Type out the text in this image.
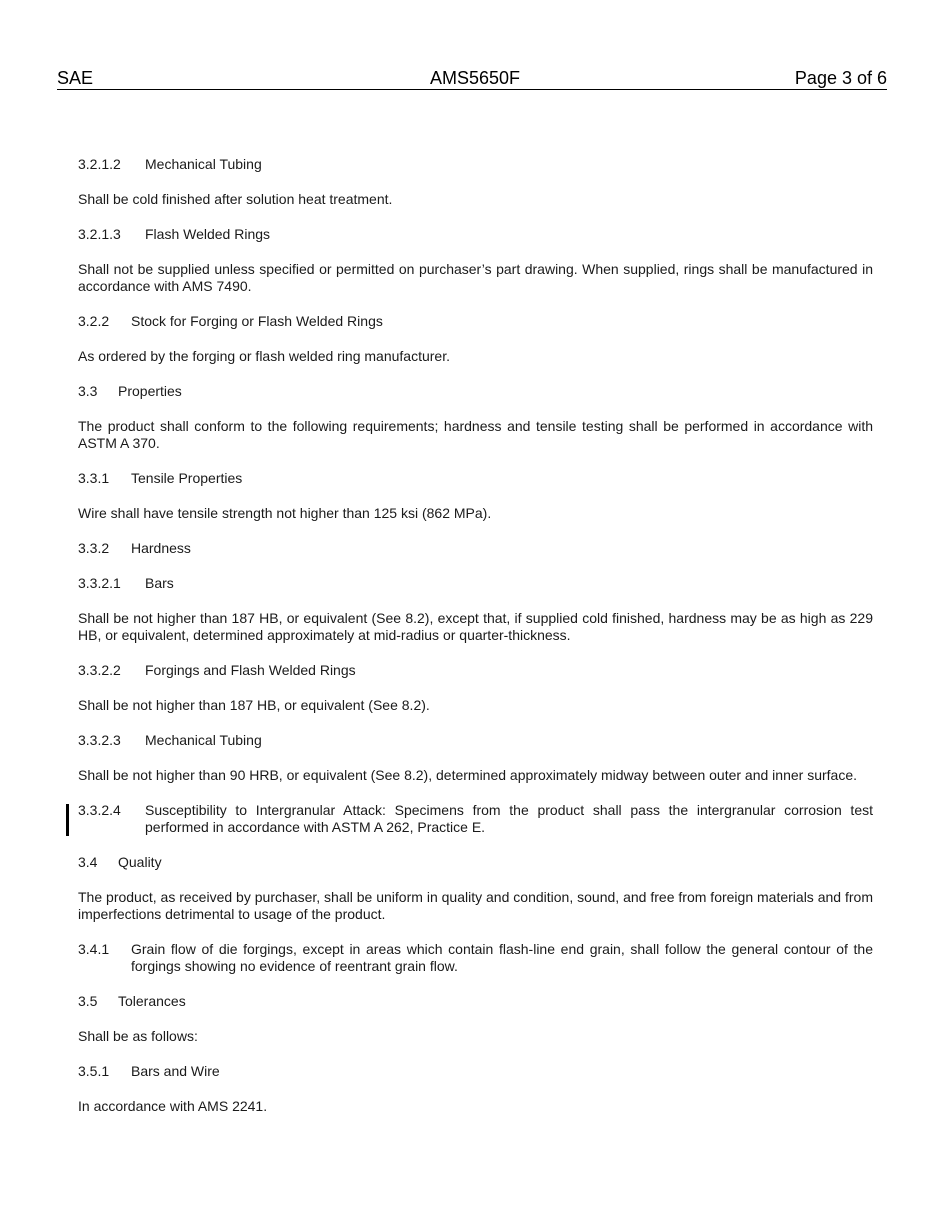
SAE	AMS5650F	Page 3 of 6
3.2.1.2 Mechanical Tubing
Shall be cold finished after solution heat treatment.
3.2.1.3 Flash Welded Rings
Shall not be supplied unless specified or permitted on purchaser’s part drawing. When supplied, rings shall be manufactured in accordance with AMS 7490.
3.2.2 Stock for Forging or Flash Welded Rings
As ordered by the forging or flash welded ring manufacturer.
3.3 Properties
The product shall conform to the following requirements; hardness and tensile testing shall be performed in accordance with ASTM A 370.
3.3.1 Tensile Properties
Wire shall have tensile strength not higher than 125 ksi (862 MPa).
3.3.2 Hardness
3.3.2.1 Bars
Shall be not higher than 187 HB, or equivalent (See 8.2), except that, if supplied cold finished, hardness may be as high as 229 HB, or equivalent, determined approximately at mid-radius or quarter-thickness.
3.3.2.2 Forgings and Flash Welded Rings
Shall be not higher than 187 HB, or equivalent (See 8.2).
3.3.2.3 Mechanical Tubing
Shall be not higher than 90 HRB, or equivalent (See 8.2), determined approximately midway between outer and inner surface.
3.3.2.4	Susceptibility to Intergranular Attack: Specimens from the product shall pass the intergranular corrosion test performed in accordance with ASTM A 262, Practice E.
3.4 Quality
The product, as received by purchaser, shall be uniform in quality and condition, sound, and free from foreign materials and from imperfections detrimental to usage of the product.
3.4.1	Grain flow of die forgings, except in areas which contain flash-line end grain, shall follow the general contour of the forgings showing no evidence of reentrant grain flow.
3.5 Tolerances
Shall be as follows:
3.5.1 Bars and Wire
In accordance with AMS 2241.
